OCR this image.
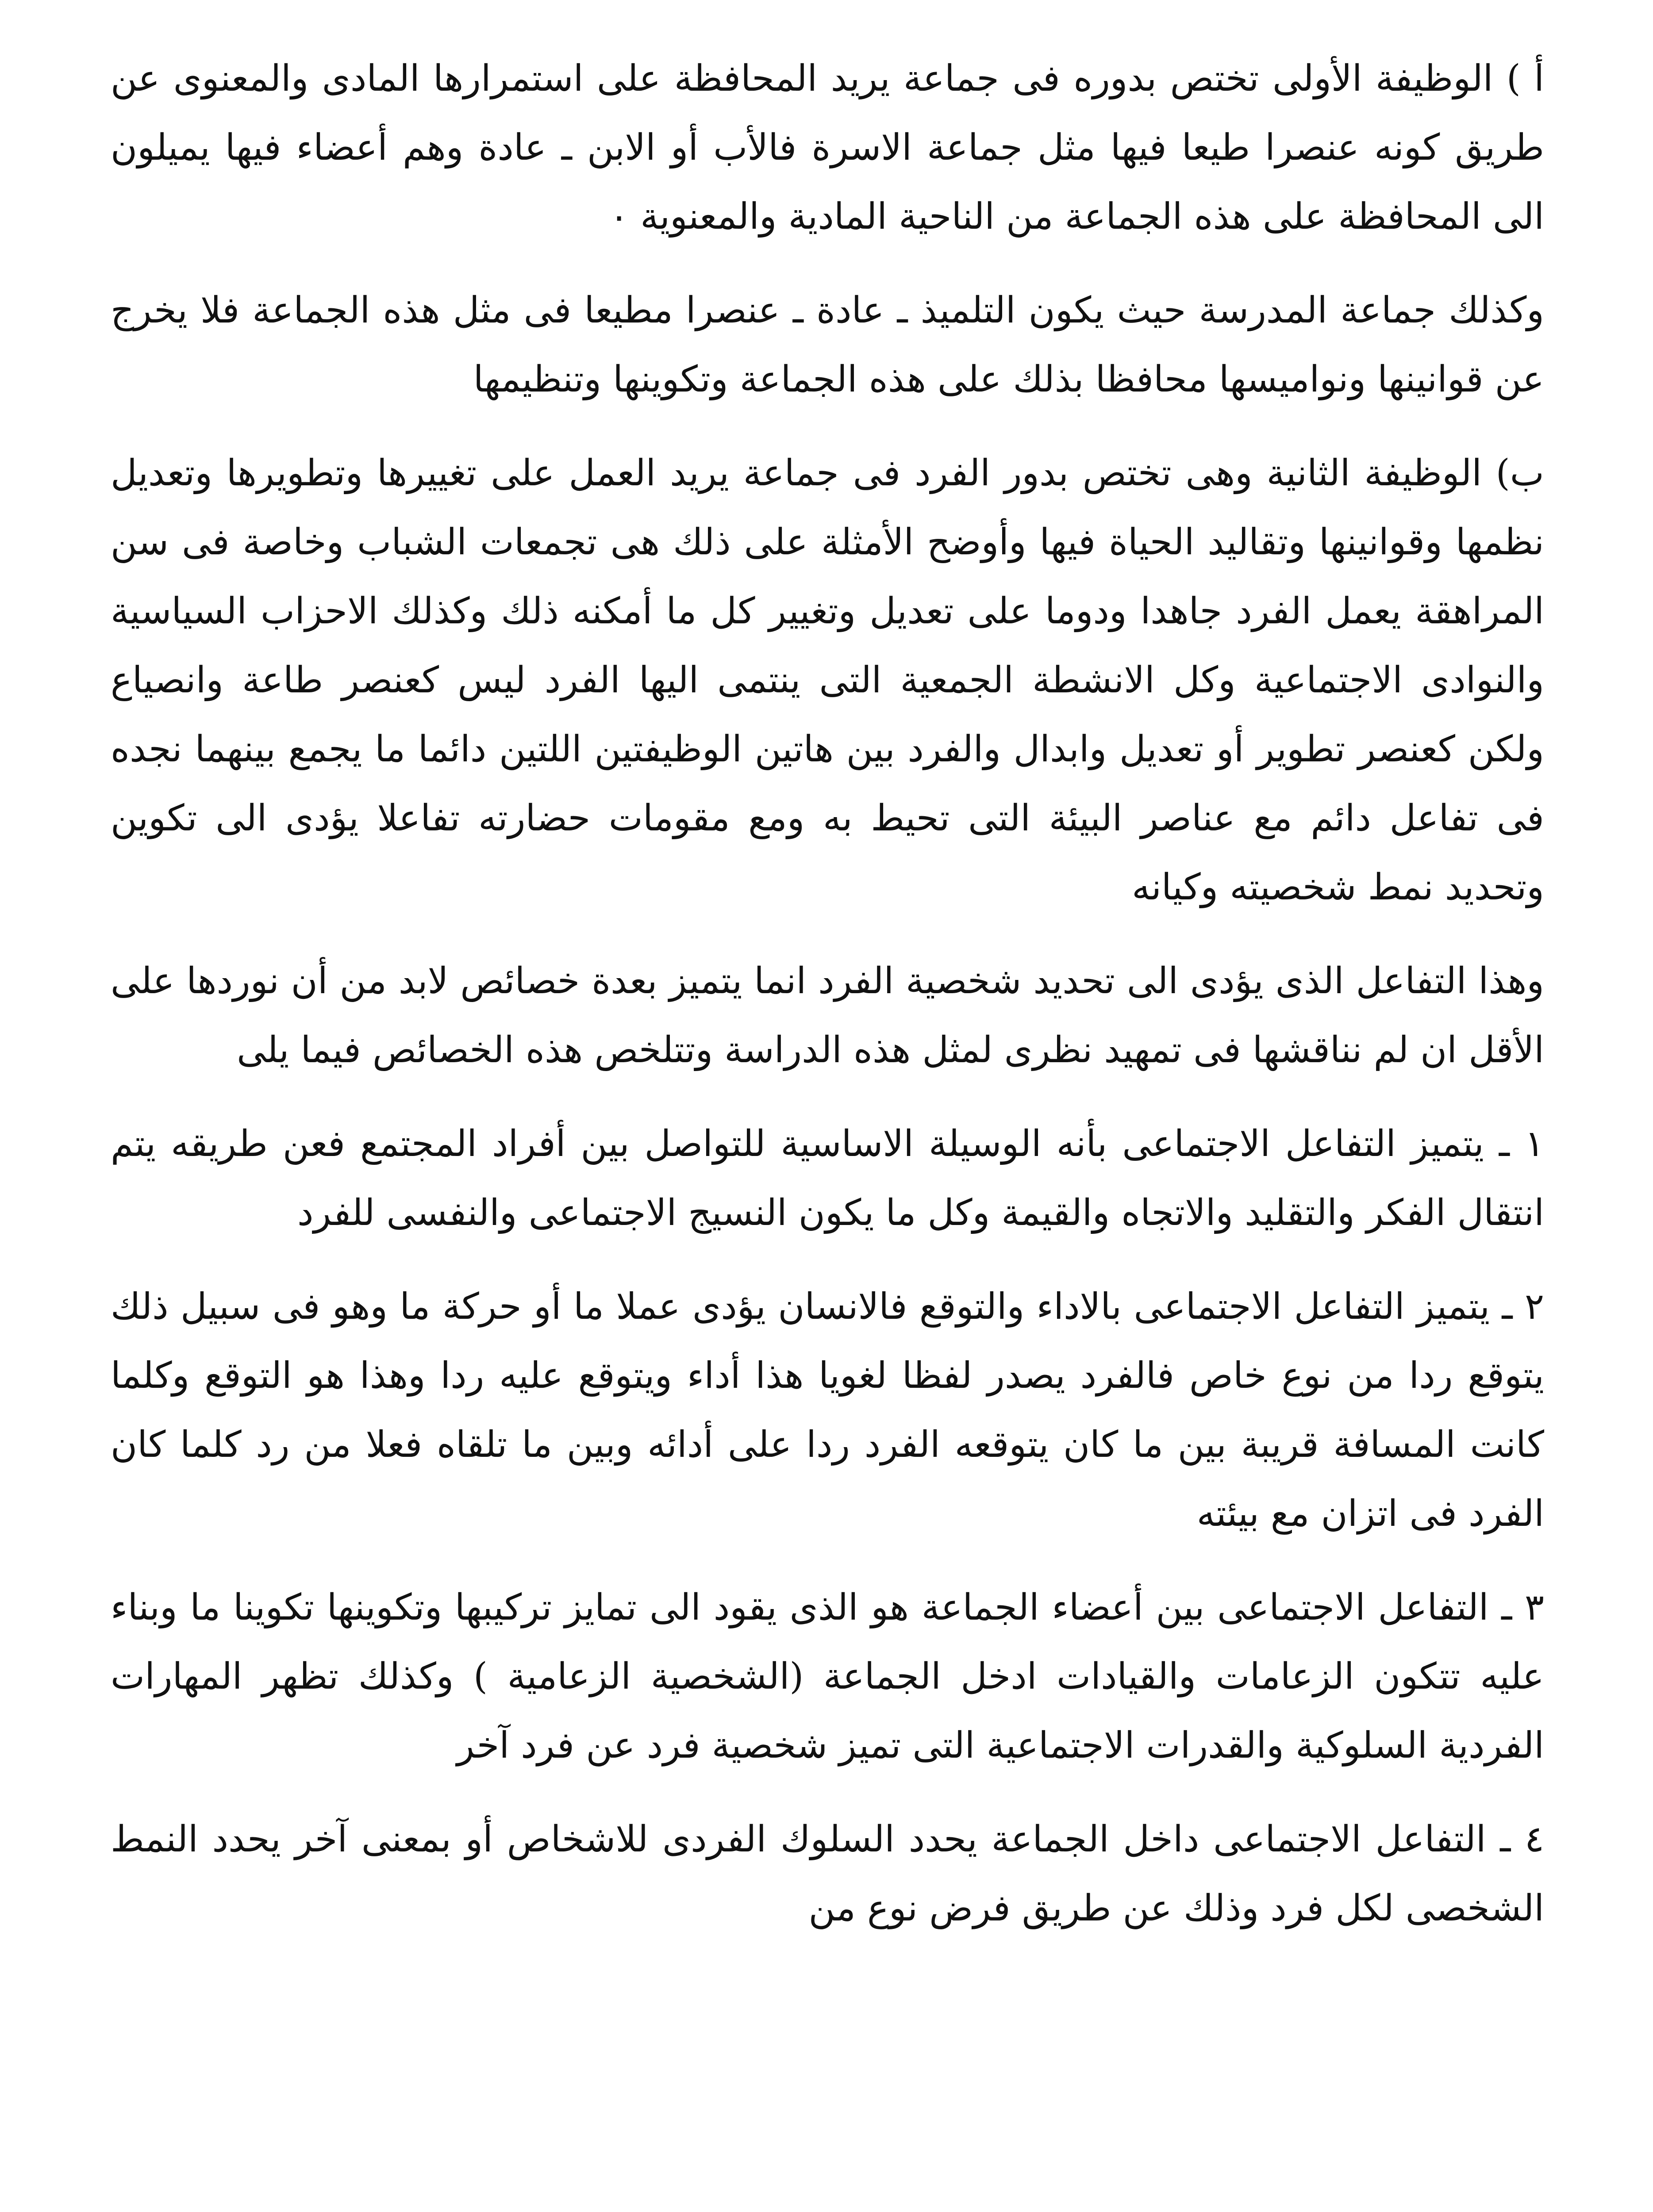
أ ) الوظيفة الأولى تختص بدوره فى جماعة يريد المحافظة على استمرارها المادى والمعنوى عن طريق كونه عنصرا طيعا فيها مثل جماعة الاسرة فالأب أو الابن ـ عادة وهم أعضاء فيها يميلون الى المحافظة على هذه الجماعة من الناحية المادية والمعنوية ٠

وكذلك جماعة المدرسة حيث يكون التلميذ ـ عادة ـ عنصرا مطيعا فى مثل هذه الجماعة فلا يخرج عن قوانينها ونواميسها محافظا بذلك على هذه الجماعة وتكوينها وتنظيمها

ب) الوظيفة الثانية وهى تختص بدور الفرد فى جماعة يريد العمل على تغييرها وتطويرها وتعديل نظمها وقوانينها وتقاليد الحياة فيها وأوضح الأمثلة على ذلك هى تجمعات الشباب وخاصة فى سن المراهقة يعمل الفرد جاهدا ودوما على تعديل وتغيير كل ما أمكنه ذلك وكذلك الاحزاب السياسية والنوادى الاجتماعية وكل الانشطة الجمعية التى ينتمى اليها الفرد ليس كعنصر طاعة وانصياع ولكن كعنصر تطوير أو تعديل وابدال والفرد بين هاتين الوظيفتين اللتين دائما ما يجمع بينهما نجده فى تفاعل دائم مع عناصر البيئة التى تحيط به ومع مقومات حضارته تفاعلا يؤدى الى تكوين وتحديد نمط شخصيته وكيانه

وهذا التفاعل الذى يؤدى الى تحديد شخصية الفرد انما يتميز بعدة خصائص لابد من أن نوردها على الأقل ان لم نناقشها فى تمهيد نظرى لمثل هذه الدراسة وتتلخص هذه الخصائص فيما يلى

١ ـ يتميز التفاعل الاجتماعى بأنه الوسيلة الاساسية للتواصل بين أفراد المجتمع فعن طريقه يتم انتقال الفكر والتقليد والاتجاه والقيمة وكل ما يكون النسيج الاجتماعى والنفسى للفرد

٢ ـ يتميز التفاعل الاجتماعى بالاداء والتوقع فالانسان يؤدى عملا ما أو حركة ما وهو فى سبيل ذلك يتوقع ردا من نوع خاص فالفرد يصدر لفظا لغويا هذا أداء ويتوقع عليه ردا وهذا هو التوقع وكلما كانت المسافة قريبة بين ما كان يتوقعه الفرد ردا على أدائه وبين ما تلقاه فعلا من رد كلما كان الفرد فى اتزان مع بيئته

٣ ـ التفاعل الاجتماعى بين أعضاء الجماعة هو الذى يقود الى تمايز تركيبها وتكوينها تكوينا ما وبناء عليه تتكون الزعامات والقيادات ادخل الجماعة (الشخصية الزعامية ) وكذلك تظهر المهارات الفردية السلوكية والقدرات الاجتماعية التى تميز شخصية فرد عن فرد آخر

٤ ـ التفاعل الاجتماعى داخل الجماعة يحدد السلوك الفردى للاشخاص أو بمعنى آخر يحدد النمط الشخصى لكل فرد وذلك عن طريق فرض نوع من
